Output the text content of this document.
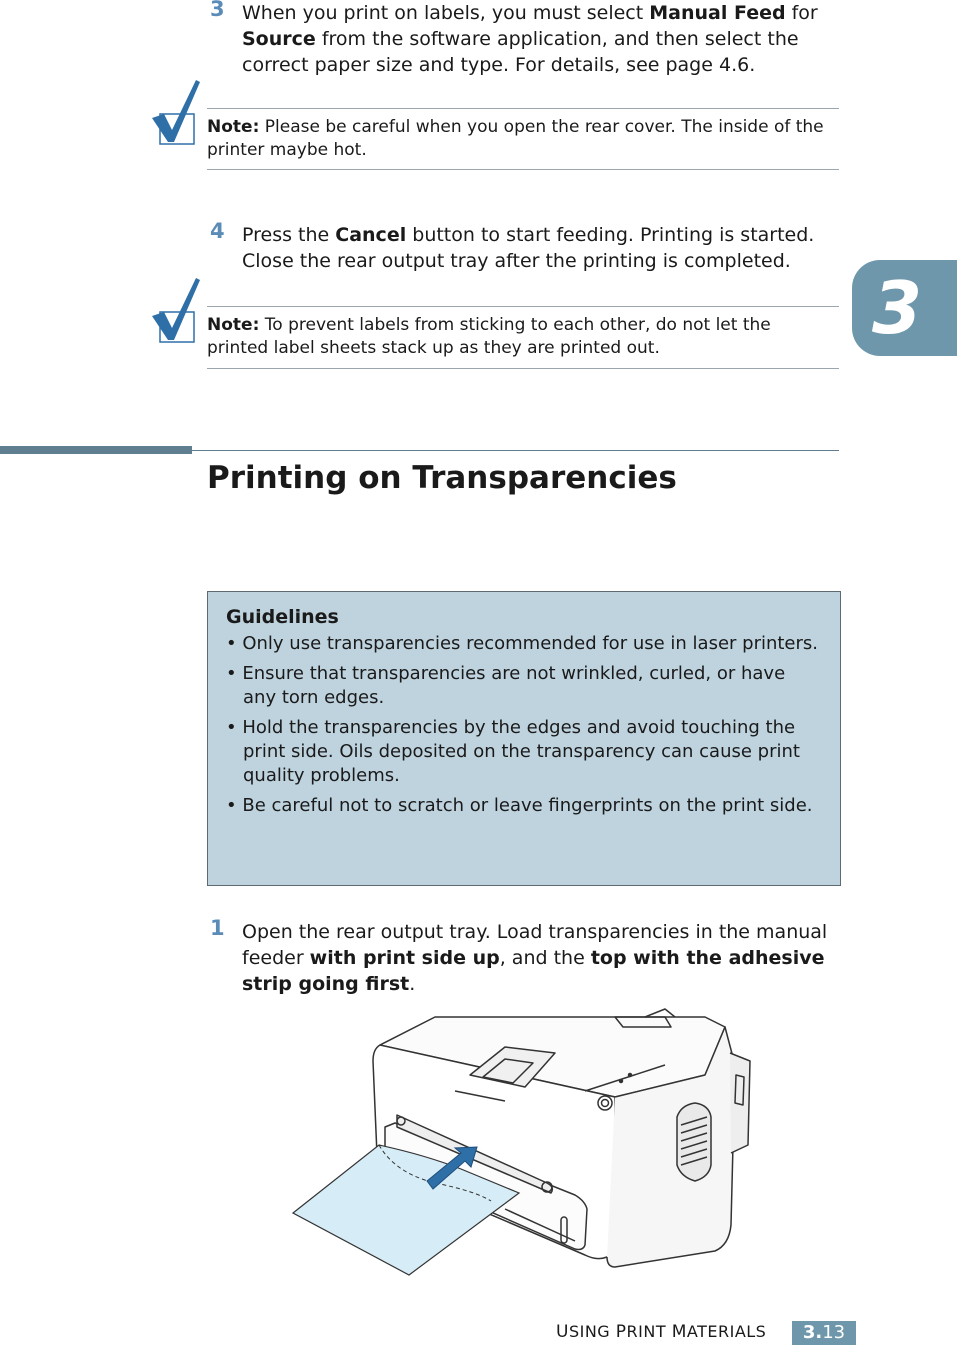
3
3 When you print on labels, you must select Manual Feed for Source from the software application, and then select the correct paper size and type. For details, see page 4.6.
Note: Please be careful when you open the rear cover. The inside of the printer maybe hot.
4 Press the Cancel button to start feeding. Printing is started. Close the rear output tray after the printing is completed.
Note: To prevent labels from sticking to each other, do not let the printed label sheets stack up as they are printed out.
Printing on Transparencies
Guidelines
• Only use transparencies recommended for use in laser printers.
• Ensure that transparencies are not wrinkled, curled, or have any torn edges.
• Hold the transparencies by the edges and avoid touching the print side. Oils deposited on the transparency can cause print quality problems.
• Be careful not to scratch or leave fingerprints on the print side.
1 Open the rear output tray. Load transparencies in the manual feeder with print side up, and the top with the adhesive strip going first.
USING PRINT MATERIALS	3.13
